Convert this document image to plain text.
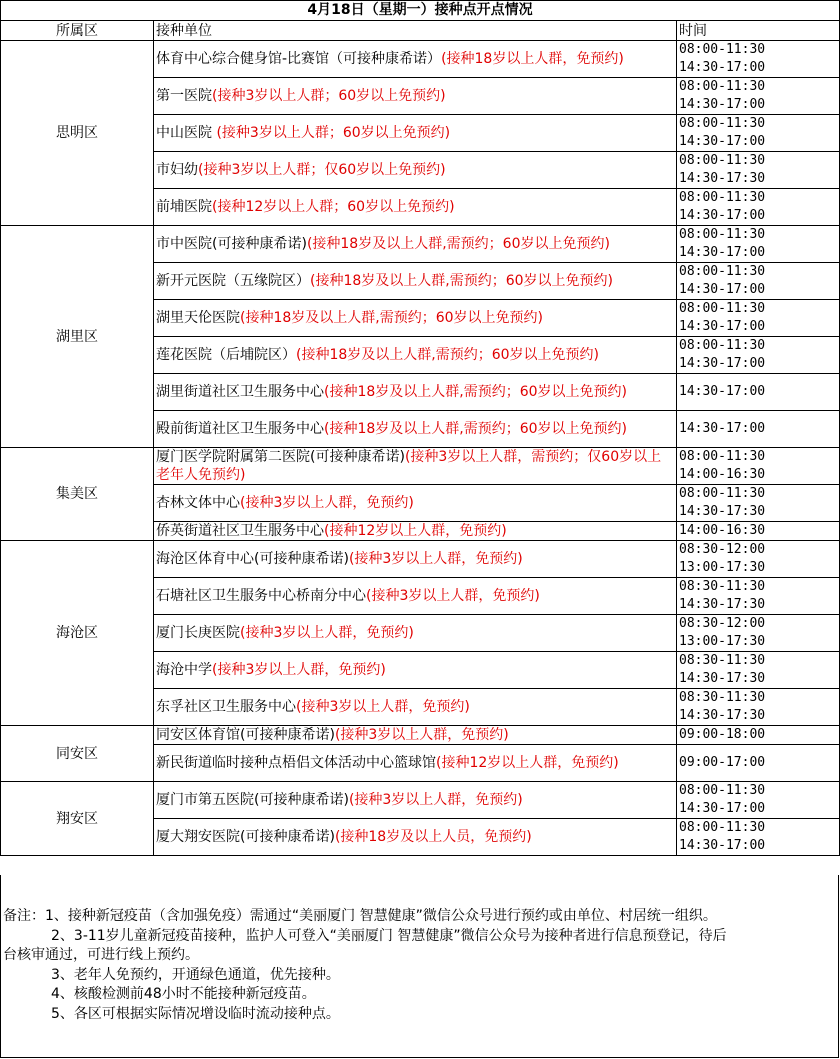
4月18日（星期一）接种点开点情况		
所属区	接种单位	时间
思明区	体育中心综合健身馆-比赛馆（可接种康希诺）(接种18岁以上人群，免预约)	08:00-11:30
14:30-17:00
	第一医院(接种3岁以上人群；60岁以上免预约)	08:00-11:30
14:30-17:00
	中山医院 (接种3岁以上人群；60岁以上免预约)	08:00-11:30
14:30-17:00
	市妇幼(接种3岁以上人群；仅60岁以上免预约)	08:00-11:30
14:30-17:30
	前埔医院(接种12岁以上人群；60岁以上免预约)	08:00-11:30
14:30-17:00
湖里区	市中医院(可接种康希诺)(接种18岁及以上人群,需预约；60岁以上免预约)	08:00-11:30
14:30-17:00
	新开元医院（五缘院区）(接种18岁及以上人群,需预约；60岁以上免预约)	08:00-11:30
14:30-17:00
	湖里天伦医院(接种18岁及以上人群,需预约；60岁以上免预约)	08:00-11:30
14:30-17:00
	莲花医院（后埔院区）(接种18岁及以上人群,需预约；60岁以上免预约)	08:00-11:30
14:30-17:00
	湖里街道社区卫生服务中心(接种18岁及以上人群,需预约；60岁以上免预约)	14:30-17:00
	殿前街道社区卫生服务中心(接种18岁及以上人群,需预约；60岁以上免预约)	14:30-17:00
集美区	厦门医学院附属第二医院(可接种康希诺)(接种3岁以上人群，需预约；仅60岁以上老年人免预约)	08:00-11:30
14:00-16:30
	杏林文体中心(接种3岁以上人群，免预约)	08:00-11:30
14:30-17:30
	侨英街道社区卫生服务中心(接种12岁以上人群，免预约)	14:00-16:30
海沧区	海沧区体育中心(可接种康希诺)(接种3岁以上人群，免预约)	08:30-12:00
13:00-17:30
	石塘社区卫生服务中心桥南分中心(接种3岁以上人群，免预约)	08:30-11:30
14:30-17:30
	厦门长庚医院(接种3岁以上人群，免预约)	08:30-12:00
13:00-17:30
	海沧中学(接种3岁以上人群，免预约)	08:30-11:30
14:30-17:30
	东孚社区卫生服务中心(接种3岁以上人群，免预约)	08:30-11:30
14:30-17:30
同安区	同安区体育馆(可接种康希诺)(接种3岁以上人群，免预约)	09:00-18:00
	新民街道临时接种点梧侣文体活动中心篮球馆(接种12岁以上人群，免预约)	09:00-17:00
翔安区	厦门市第五医院(可接种康希诺)(接种3岁以上人群，免预约)	08:00-11:30
14:30-17:00
	厦大翔安医院(可接种康希诺)(接种18岁及以上人员，免预约)	08:00-11:30
14:30-17:00

备注：1、接种新冠疫苗（含加强免疫）需通过“美丽厦门 智慧健康”微信公众号进行预约或由单位、村居统一组织。

2、3-11岁儿童新冠疫苗接种，监护人可登入“美丽厦门 智慧健康”微信公众号为接种者进行信息预登记，待后

台核审通过，可进行线上预约。

3、老年人免预约，开通绿色通道，优先接种。

4、核酸检测前48小时不能接种新冠疫苗。

5、各区可根据实际情况增设临时流动接种点。
